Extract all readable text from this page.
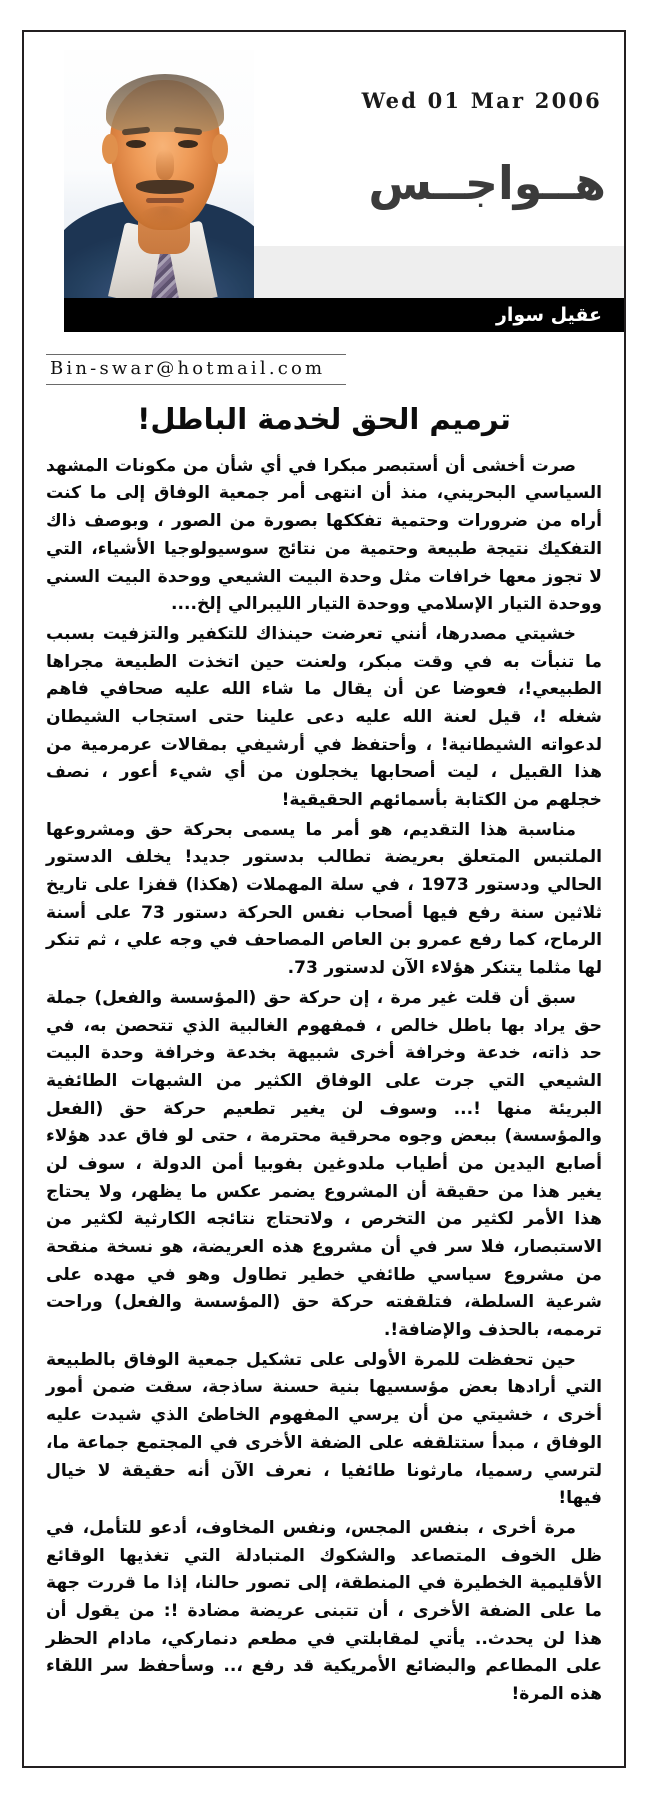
Wed 01 Mar 2006
هــواجــس
عقيل سوار
Bin-swar@hotmail.com
ترميم الحق لخدمة الباطل!

صرت أخشى أن أستبصر مبكرا في أي شأن من مكونات المشهد السياسي البحريني، منذ أن انتهى أمر جمعية الوفاق إلى ما كنت أراه من ضرورات وحتمية تفككها بصورة من الصور ، وبوصف ذاك التفكيك نتيجة طبيعة وحتمية من نتائج سوسيولوجيا الأشياء، التي لا تجوز معها خرافات مثل وحدة البيت الشيعي ووحدة البيت السني ووحدة التيار الإسلامي ووحدة التيار الليبرالي إلخ....

خشيتي مصدرها، أنني تعرضت حينذاك للتكفير والتزفيت بسبب ما تنبأت به في وقت مبكر، ولعنت حين اتخذت الطبيعة مجراها الطبيعي!، فعوضا عن أن يقال ما شاء الله عليه صحافي فاهم شغله !، قيل لعنة الله عليه دعى علينا حتى استجاب الشيطان لدعواته الشيطانية! ، وأحتفظ في أرشيفي بمقالات عرمرمية من هذا القبيل ، ليت أصحابها يخجلون من أي شيء أعور ، نصف خجلهم من الكتابة بأسمائهم الحقيقية!

مناسبة هذا التقديم، هو أمر ما يسمى بحركة حق ومشروعها الملتبس المتعلق بعريضة تطالب بدستور جديد! يخلف الدستور الحالي ودستور 1973 ، في سلة المهملات (هكذا) قفزا على تاريخ ثلاثين سنة رفع فيها أصحاب نفس الحركة دستور 73 على أسنة الرماح، كما رفع عمرو بن العاص المصاحف في وجه علي ، ثم تنكر لها مثلما يتنكر هؤلاء الآن لدستور 73.

سبق أن قلت غير مرة ، إن حركة حق (المؤسسة والفعل) جملة حق يراد بها باطل خالص ، فمفهوم الغالبية الذي تتحصن به، في حد ذاته، خدعة وخرافة أخرى شبيهة بخدعة وخرافة وحدة البيت الشيعي التي جرت على الوفاق الكثير من الشبهات الطائفية البريئة منها !... وسوف لن يغير تطعيم حركة حق (الفعل والمؤسسة) ببعض وجوه محرقية محترمة ، حتى لو فاق عدد هؤلاء أصابع اليدين من أطياب ملدوغين بفوبيا أمن الدولة ، سوف لن يغير هذا من حقيقة أن المشروع يضمر عكس ما يظهر، ولا يحتاج هذا الأمر لكثير من التخرص ، ولاتحتاج نتائجه الكارثية لكثير من الاستبصار، فلا سر في أن مشروع هذه العريضة، هو نسخة منقحة من مشروع سياسي طائفي خطير تطاول وهو في مهده على شرعية السلطة، فتلقفته حركة حق (المؤسسة والفعل) وراحت ترممه، بالحذف والإضافة!.

حين تحفظت للمرة الأولى على تشكيل جمعية الوفاق بالطبيعة التي أرادها بعض مؤسسيها بنية حسنة ساذجة، سقت ضمن أمور أخرى ، خشيتي من أن يرسي المفهوم الخاطئ الذي شيدت عليه الوفاق ، مبدأ ستتلقفه على الضفة الأخرى في المجتمع جماعة ما، لترسي رسميا، مارثونا طائفيا ، نعرف الآن أنه حقيقة لا خيال فيها!

مرة أخرى ، بنفس المجس، ونفس المخاوف، أدعو للتأمل، في ظل الخوف المتصاعد والشكوك المتبادلة التي تغذيها الوقائع الأقليمية الخطيرة في المنطقة، إلى تصور حالنا، إذا ما قررت جهة ما على الضفة الأخرى ، أن تتبنى عريضة مضادة !: من يقول أن هذا لن يحدث.. يأتي لمقابلتي في مطعم دنماركي، مادام الحظر على المطاعم والبضائع الأمريكية قد رفع ،.. وسأحفظ سر اللقاء هذه المرة!
